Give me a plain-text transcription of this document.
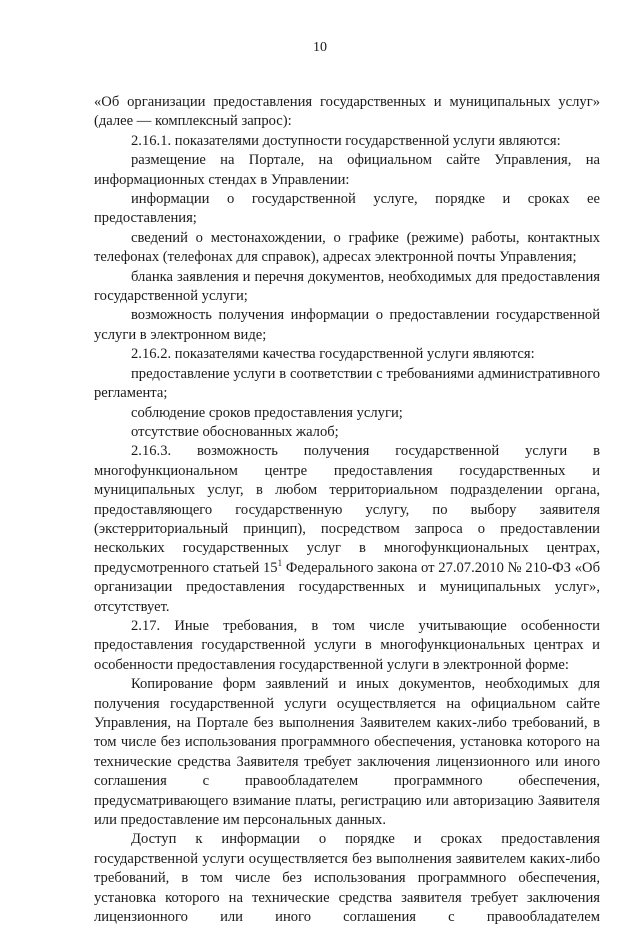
10

«Об организации предоставления государственных и муниципальных услуг» (далее — комплексный запрос):

2.16.1. показателями доступности государственной услуги являются:

размещение на Портале, на официальном сайте Управления, на информационных стендах в Управлении:

информации о государственной услуге, порядке и сроках ее предоставления;

сведений о местонахождении, о графике (режиме) работы, контактных телефонах (телефонах для справок), адресах электронной почты Управления;

бланка заявления и перечня документов, необходимых для предоставления государственной услуги;

возможность получения информации о предоставлении государственной услуги в электронном виде;

2.16.2. показателями качества государственной услуги являются:

предоставление услуги в соответствии с требованиями административного регламента;

соблюдение сроков предоставления услуги;

отсутствие обоснованных жалоб;

2.16.3. возможность получения государственной услуги в многофункциональном центре предоставления государственных и муниципальных услуг, в любом территориальном подразделении органа, предоставляющего государственную услугу, по выбору заявителя (экстерриториальный принцип), посредством запроса о предоставлении нескольких государственных услуг в многофункциональных центрах, предусмотренного статьей $15^1$ Федерального закона от 27.07.2010 № 210-ФЗ «Об организации предоставления государственных и муниципальных услуг», отсутствует.

2.17. Иные требования, в том числе учитывающие особенности предоставления государственной услуги в многофункциональных центрах и особенности предоставления государственной услуги в электронной форме:

Копирование форм заявлений и иных документов, необходимых для получения государственной услуги осуществляется на официальном сайте Управления, на Портале без выполнения Заявителем каких-либо требований, в том числе без использования программного обеспечения, установка которого на технические средства Заявителя требует заключения лицензионного или иного соглашения с правообладателем программного обеспечения, предусматривающего взимание платы, регистрацию или авторизацию Заявителя или предоставление им персональных данных.

Доступ к информации о порядке и сроках предоставления государственной услуги осуществляется без выполнения заявителем каких-либо требований, в том числе без использования программного обеспечения, установка которого на технические средства заявителя требует заключения лицензионного или иного соглашения с правообладателем
